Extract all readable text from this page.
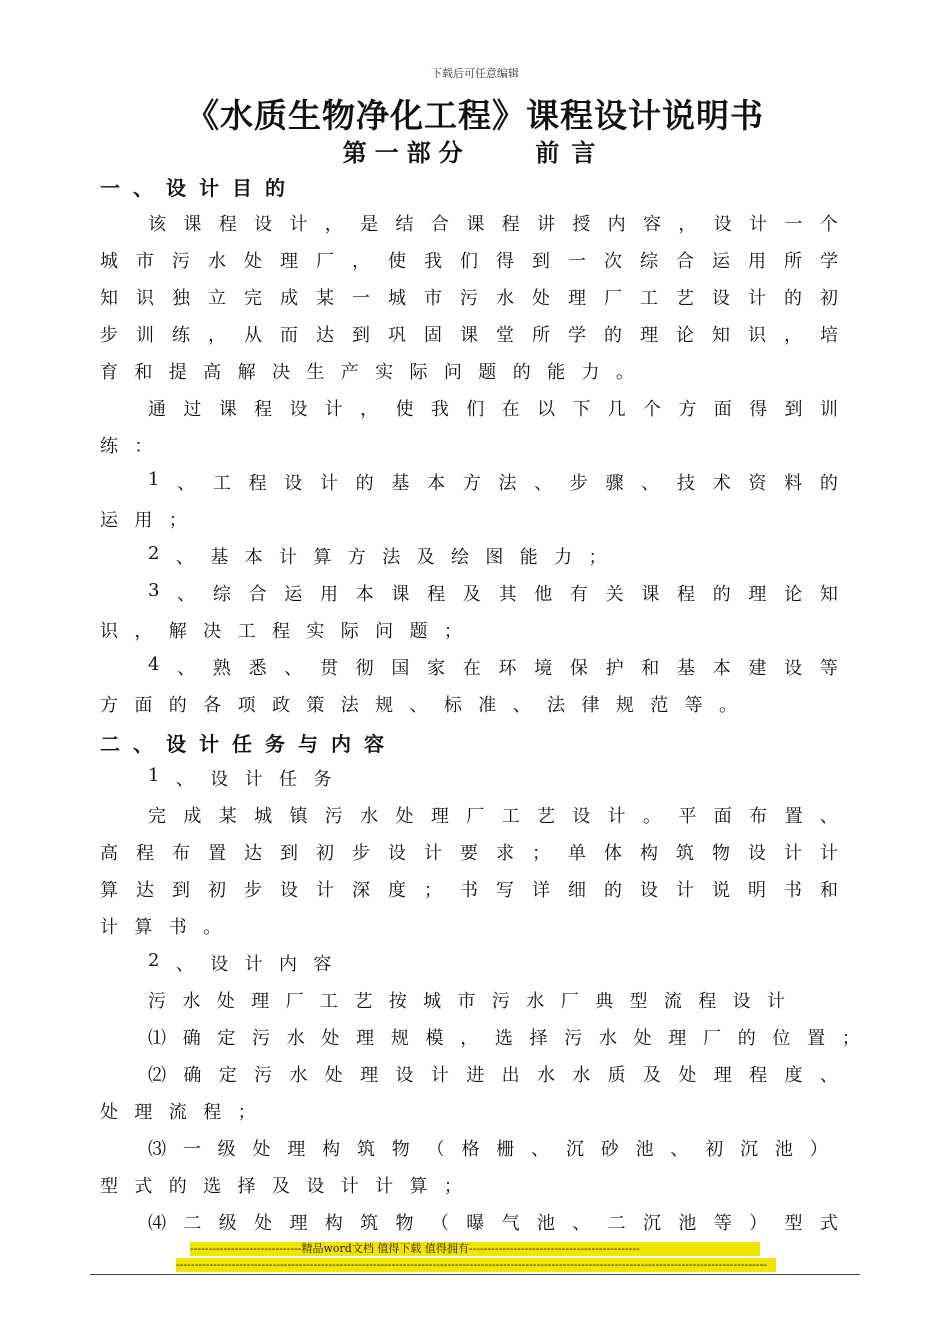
下载后可任意编辑
《水质生物净化工程》课程设计说明书
第一部分	前言
一 、 设 计 目 的
该 课 程 设 计 ， 是 结 合 课 程 讲 授 内 容 ， 设 计 一 个
城 市 污 水 处 理 厂 ， 使 我 们 得 到 一 次 综 合 运 用 所 学
知 识 独 立 完 成 某 一 城 市 污 水 处 理 厂 工 艺 设 计 的 初
步 训 练 ， 从 而 达 到 巩 固 课 堂 所 学 的 理 论 知 识 ， 培
育 和 提 高 解 决 生 产 实 际 问 题 的 能 力 。
通 过 课 程 设 计 ， 使 我 们 在 以 下 几 个 方 面 得 到 训
练 ：
1 、 工 程 设 计 的 基 本 方 法 、 步 骤 、 技 术 资 料 的
运 用 ；
2 、 基 本 计 算 方 法 及 绘 图 能 力 ；
3 、 综 合 运 用 本 课 程 及 其 他 有 关 课 程 的 理 论 知
识 ， 解 决 工 程 实 际 问 题 ；
4 、 熟 悉 、 贯 彻 国 家 在 环 境 保 护 和 基 本 建 设 等
方 面 的 各 项 政 策 法 规 、 标 准 、 法 律 规 范 等 。
二 、 设 计 任 务 与 内 容
1 、 设 计 任 务
完 成 某 城 镇 污 水 处 理 厂 工 艺 设 计 。 平 面 布 置 、
高 程 布 置 达 到 初 步 设 计 要 求 ； 单 体 构 筑 物 设 计 计
算 达 到 初 步 设 计 深 度 ； 书 写 详 细 的 设 计 说 明 书 和
计 算 书 。
2 、 设 计 内 容
污 水 处 理 厂 工 艺 按 城 市 污 水 厂 典 型 流 程 设 计
⑴ 确 定 污 水 处 理 规 模 ， 选 择 污 水 处 理 厂 的 位 置 ；
⑵ 确 定 污 水 处 理 设 计 进 出 水 水 质 及 处 理 程 度 、
处 理 流 程 ；
⑶ 一 级 处 理 构 筑 物 （ 格 栅 、 沉 砂 池 、 初 沉 池 ）
型 式 的 选 择 及 设 计 计 算 ；
⑷ 二 级 处 理 构 筑 物 （ 曝 气 池 、 二 沉 池 等 ） 型 式
------------------------------精品word文档 值得下载 值得拥有----------------------------------------------
---------------------------------------------------------------------------------------------------------------------------------------------------------------
